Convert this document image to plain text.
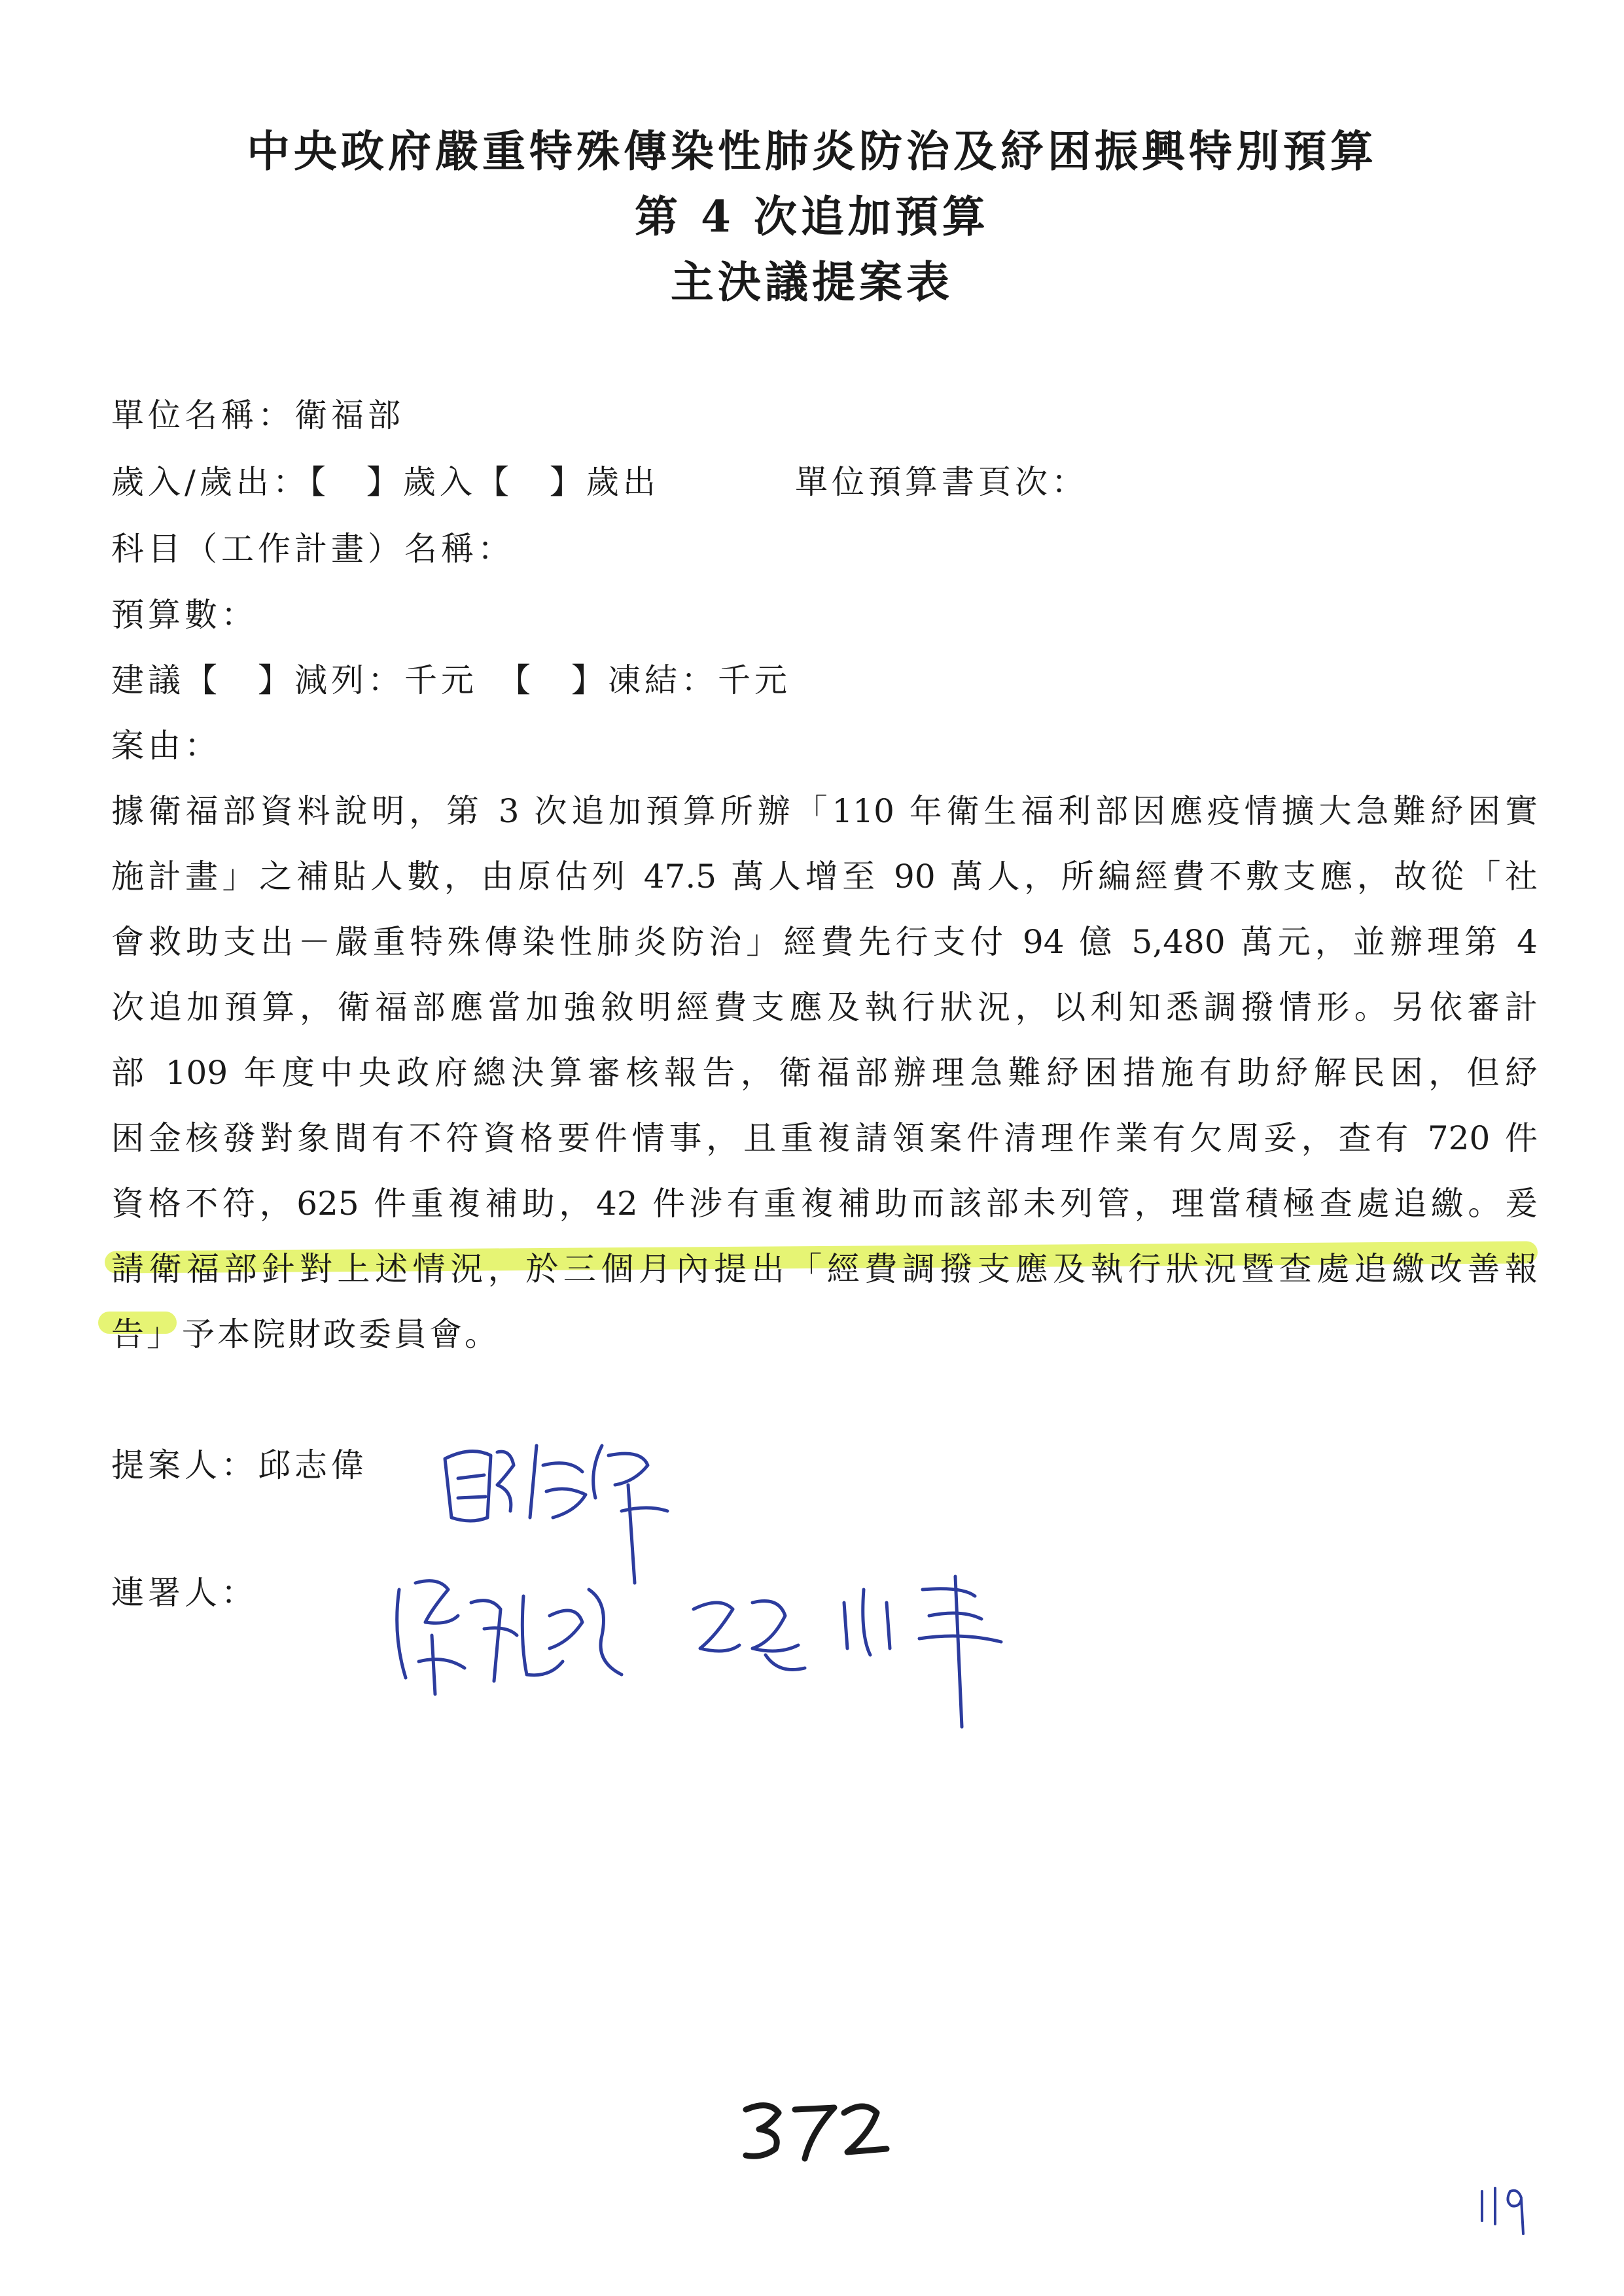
中央政府嚴重特殊傳染性肺炎防治及紓困振興特別預算
第 4 次追加預算
主決議提案表
單位名稱：衛福部
歲入/歲出：【　】歲入【　】歲出	單位預算書頁次：
科目（工作計畫）名稱：
預算數：
建議【　】減列：千元　【　】凍結：千元
案由：
據衛福部資料說明，第 3 次追加預算所辦「110 年衛生福利部因應疫情擴大急難紓困實
施計畫」之補貼人數，由原估列 47.5 萬人增至 90 萬人，所編經費不敷支應，故從「社
會救助支出－嚴重特殊傳染性肺炎防治」經費先行支付 94 億 5,480 萬元，並辦理第 4
次追加預算，衛福部應當加強敘明經費支應及執行狀況，以利知悉調撥情形。另依審計
部 109 年度中央政府總決算審核報告，衛福部辦理急難紓困措施有助紓解民困，但紓
困金核發對象間有不符資格要件情事，且重複請領案件清理作業有欠周妥，查有 720 件
資格不符，625 件重複補助，42 件涉有重複補助而該部未列管，理當積極查處追繳。爰
請衛福部針對上述情況，於三個月內提出「經費調撥支應及執行狀況暨查處追繳改善報
告」予本院財政委員會。
提案人：邱志偉
連署人：
